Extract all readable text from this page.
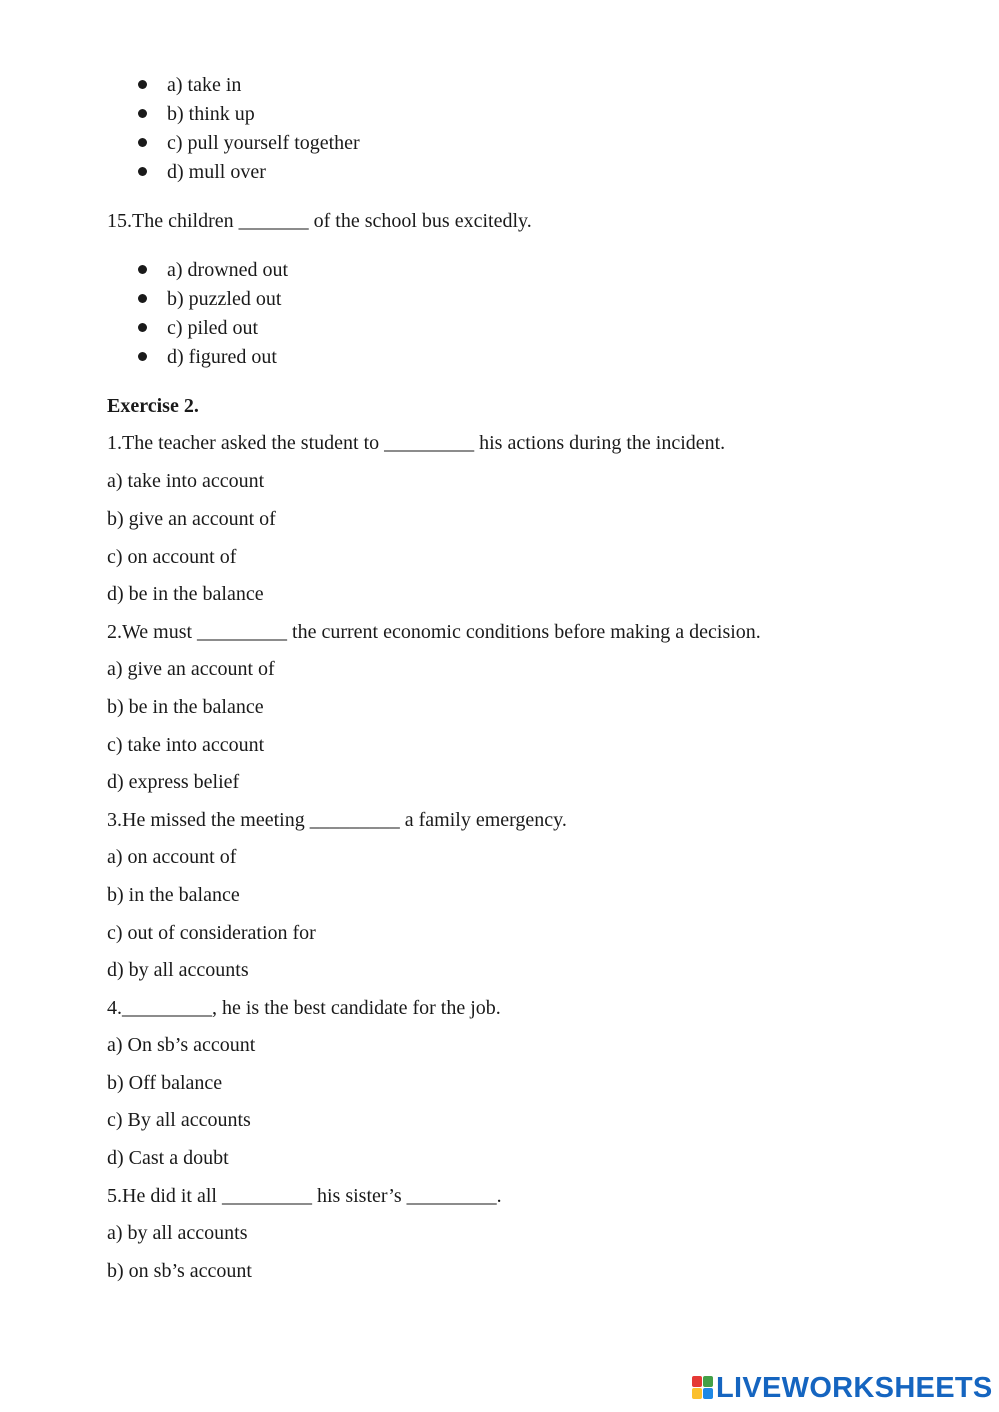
a) take in
b) think up
c) pull yourself together
d) mull over
15.The children _______ of the school bus excitedly.
a) drowned out
b) puzzled out
c) piled out
d) figured out
Exercise 2.
1.The teacher asked the student to _________ his actions during the incident.
a) take into account
b) give an account of
c) on account of
d) be in the balance
2.We must _________ the current economic conditions before making a decision.
a) give an account of
b) be in the balance
c) take into account
d) express belief
3.He missed the meeting _________ a family emergency.
a) on account of
b) in the balance
c) out of consideration for
d) by all accounts
4._________, he is the best candidate for the job.
a) On sb’s account
b) Off balance
c) By all accounts
d) Cast a doubt
5.He did it all _________ his sister’s _________.
a) by all accounts
b) on sb’s account
LIVEWORKSHEETS
